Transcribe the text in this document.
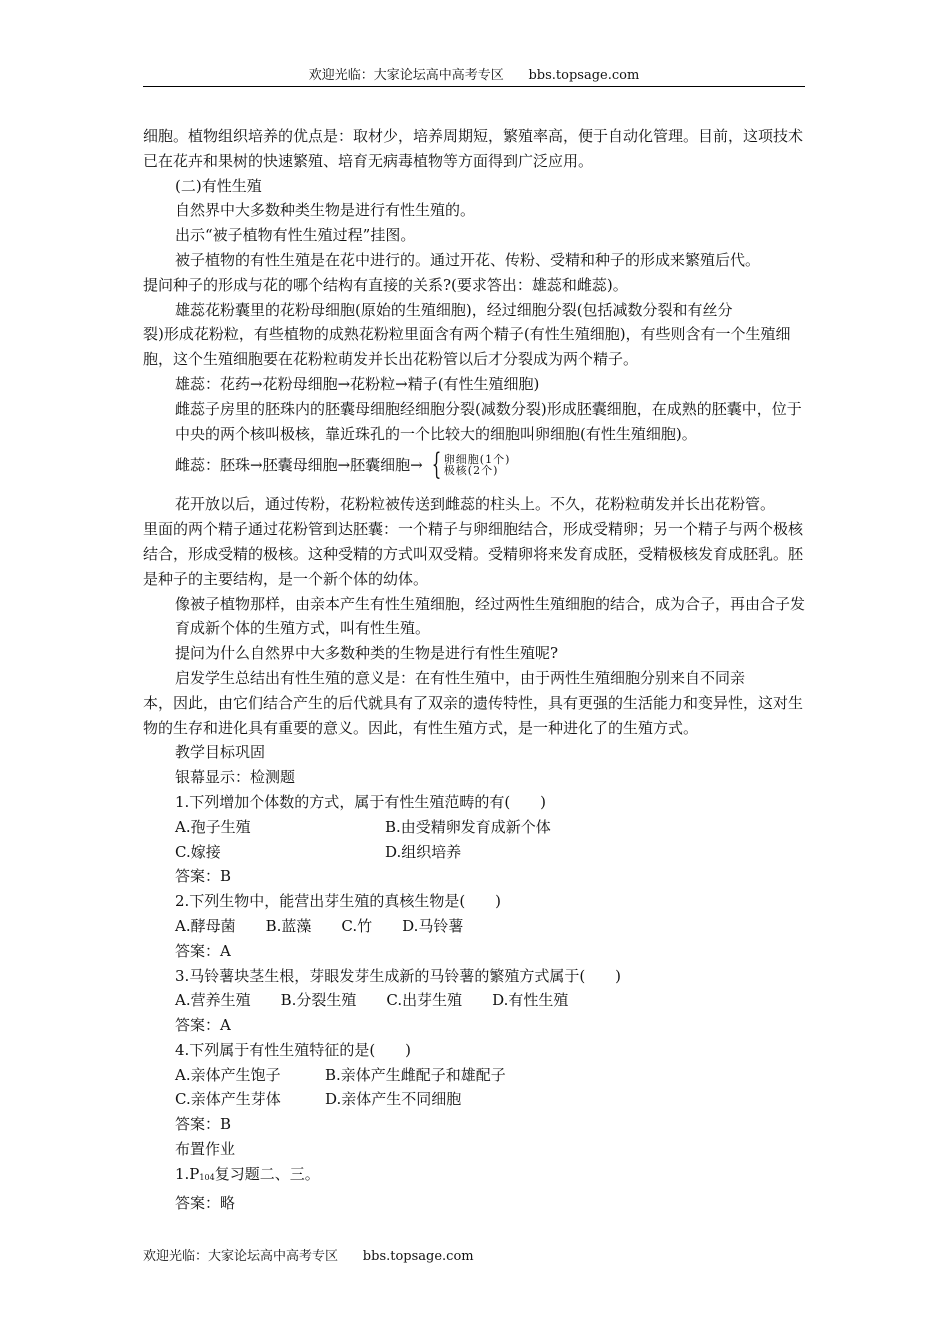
欢迎光临：大家论坛高中高考专区      bbs.topsage.com

细胞。植物组织培养的优点是：取材少，培养周期短，繁殖率高，便于自动化管理。目前，这项技术已在花卉和果树的快速繁殖、培育无病毒植物等方面得到广泛应用。

(二)有性生殖

自然界中大多数种类生物是进行有性生殖的。

出示“被子植物有性生殖过程”挂图。

被子植物的有性生殖是在花中进行的。通过开花、传粉、受精和种子的形成来繁殖后代。

提问种子的形成与花的哪个结构有直接的关系?(要求答出：雄蕊和雌蕊)。

雄蕊花粉囊里的花粉母细胞(原始的生殖细胞)，经过细胞分裂(包括减数分裂和有丝分

裂)形成花粉粒，有些植物的成熟花粉粒里面含有两个精子(有性生殖细胞)，有些则含有一个生殖细胞，这个生殖细胞要在花粉粒萌发并长出花粉管以后才分裂成为两个精子。

雄蕊：花药→花粉母细胞→花粉粒→精子(有性生殖细胞)

雌蕊子房里的胚珠内的胚囊母细胞经细胞分裂(减数分裂)形成胚囊细胞，在成熟的胚囊中，位于中央的两个核叫极核，靠近珠孔的一个比较大的细胞叫卵细胞(有性生殖细胞)。

雌蕊：胚珠→胚囊母细胞→胚囊细胞→ { 卵细胞(1个)
极核(2个)

花开放以后，通过传粉，花粉粒被传送到雌蕊的柱头上。不久，花粉粒萌发并长出花粉管。

里面的两个精子通过花粉管到达胚囊：一个精子与卵细胞结合，形成受精卵；另一个精子与两个极核结合，形成受精的极核。这种受精的方式叫双受精。受精卵将来发育成胚，受精极核发育成胚乳。胚是种子的主要结构，是一个新个体的幼体。

像被子植物那样，由亲本产生有性生殖细胞，经过两性生殖细胞的结合，成为合子，再由合子发育成新个体的生殖方式，叫有性生殖。

提问为什么自然界中大多数种类的生物是进行有性生殖呢?

启发学生总结出有性生殖的意义是：在有性生殖中，由于两性生殖细胞分别来自不同亲

本，因此，由它们结合产生的后代就具有了双亲的遗传特性，具有更强的生活能力和变异性，这对生物的生存和进化具有重要的意义。因此，有性生殖方式，是一种进化了的生殖方式。

教学目标巩固

银幕显示：检测题

1.下列增加个体数的方式，属于有性生殖范畴的有(　　)

A.孢子生殖	B.由受精卵发育成新个体
C.嫁接	D.组织培养

答案：B

2.下列生物中，能营出芽生殖的真核生物是(　　)

A.酵母菌 B.蓝藻 C.竹 D.马铃薯

答案：A

3.马铃薯块茎生根，芽眼发芽生成新的马铃薯的繁殖方式属于(　　)

A.营养生殖 B.分裂生殖 C.出芽生殖 D.有性生殖

答案：A

4.下列属于有性生殖特征的是(　　)

A.亲体产生饱子	B.亲体产生雌配子和雄配子
C.亲体产生芽体	D.亲体产生不同细胞

答案：B

布置作业

$1.P_{104}$复习题二、三。

答案：略

欢迎光临：大家论坛高中高考专区      bbs.topsage.com
